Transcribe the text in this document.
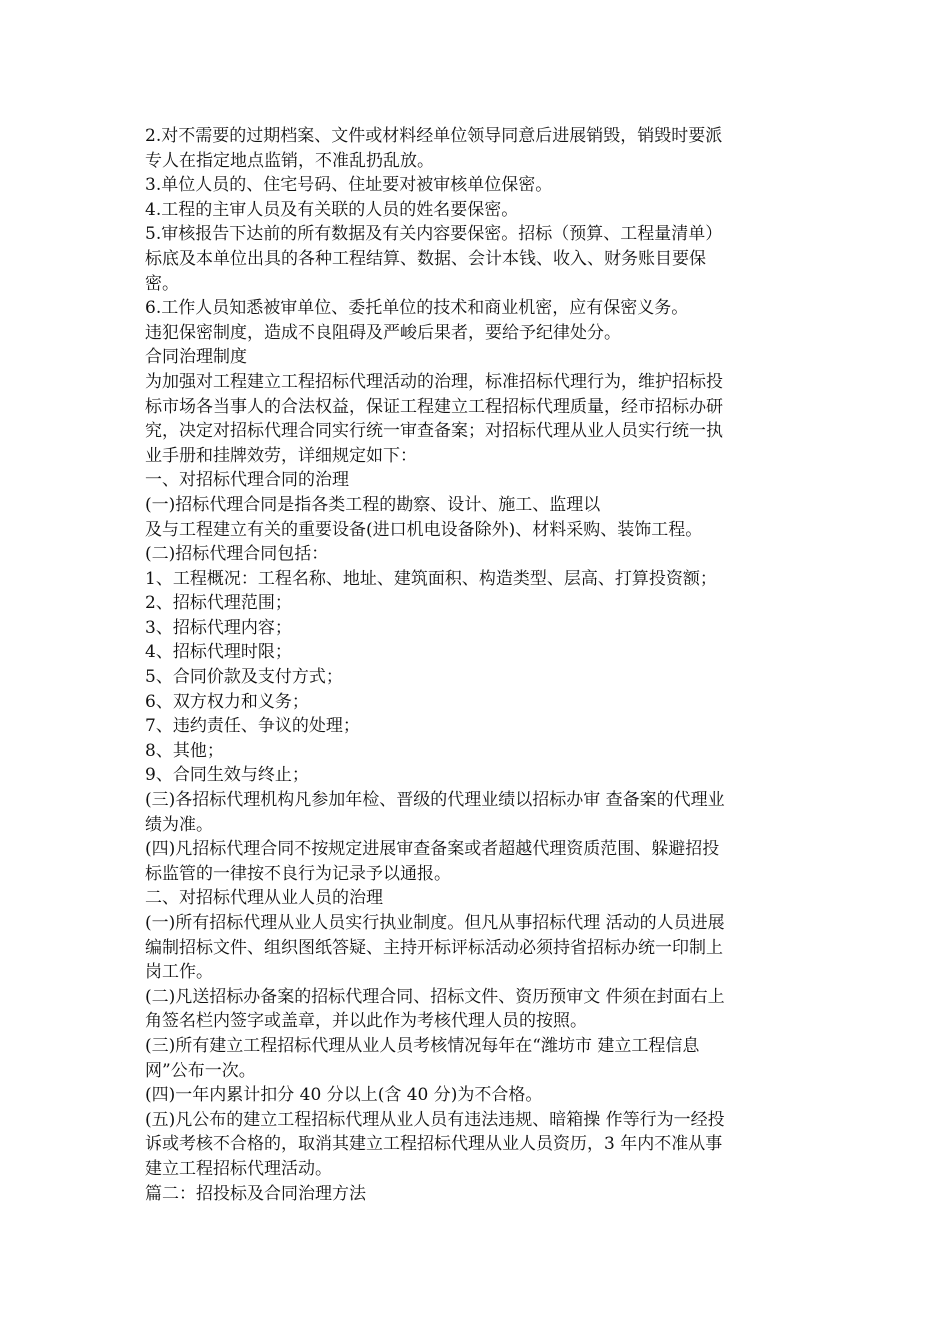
2.对不需要的过期档案、文件或材料经单位领导同意后进展销毁，销毁时要派

专人在指定地点监销，不准乱扔乱放。

3.单位人员的、住宅号码、住址要对被审核单位保密。

4.工程的主审人员及有关联的人员的姓名要保密。

5.审核报告下达前的所有数据及有关内容要保密。招标（预算、工程量清单）

标底及本单位出具的各种工程结算、数据、会计本钱、收入、财务账目要保

密。

6.工作人员知悉被审单位、委托单位的技术和商业机密，应有保密义务。

违犯保密制度，造成不良阻碍及严峻后果者，要给予纪律处分。

合同治理制度

为加强对工程建立工程招标代理活动的治理，标准招标代理行为，维护招标投

标市场各当事人的合法权益，保证工程建立工程招标代理质量，经市招标办研

究，决定对招标代理合同实行统一审查备案；对招标代理从业人员实行统一执

业手册和挂牌效劳，详细规定如下：

一、对招标代理合同的治理

(一)招标代理合同是指各类工程的勘察、设计、施工、监理以

及与工程建立有关的重要设备(进口机电设备除外)、材料采购、装饰工程。

(二)招标代理合同包括：

1、工程概况：工程名称、地址、建筑面积、构造类型、层高、打算投资额；

2、招标代理范围；

3、招标代理内容；

4、招标代理时限；

5、合同价款及支付方式；

6、双方权力和义务；

7、违约责任、争议的处理；

8、其他；

9、合同生效与终止；

(三)各招标代理机构凡参加年检、晋级的代理业绩以招标办审 查备案的代理业

绩为准。

(四)凡招标代理合同不按规定进展审查备案或者超越代理资质范围、躲避招投

标监管的一律按不良行为记录予以通报。

二、对招标代理从业人员的治理

(一)所有招标代理从业人员实行执业制度。但凡从事招标代理 活动的人员进展

编制招标文件、组织图纸答疑、主持开标评标活动必须持省招标办统一印制上

岗工作。

(二)凡送招标办备案的招标代理合同、招标文件、资历预审文 件须在封面右上

角签名栏内签字或盖章，并以此作为考核代理人员的按照。

(三)所有建立工程招标代理从业人员考核情况每年在“潍坊市 建立工程信息

网”公布一次。

(四)一年内累计扣分 40 分以上(含 40 分)为不合格。

(五)凡公布的建立工程招标代理从业人员有违法违规、暗箱操 作等行为一经投

诉或考核不合格的，取消其建立工程招标代理从业人员资历，3 年内不准从事

建立工程招标代理活动。

篇二：招投标及合同治理方法
